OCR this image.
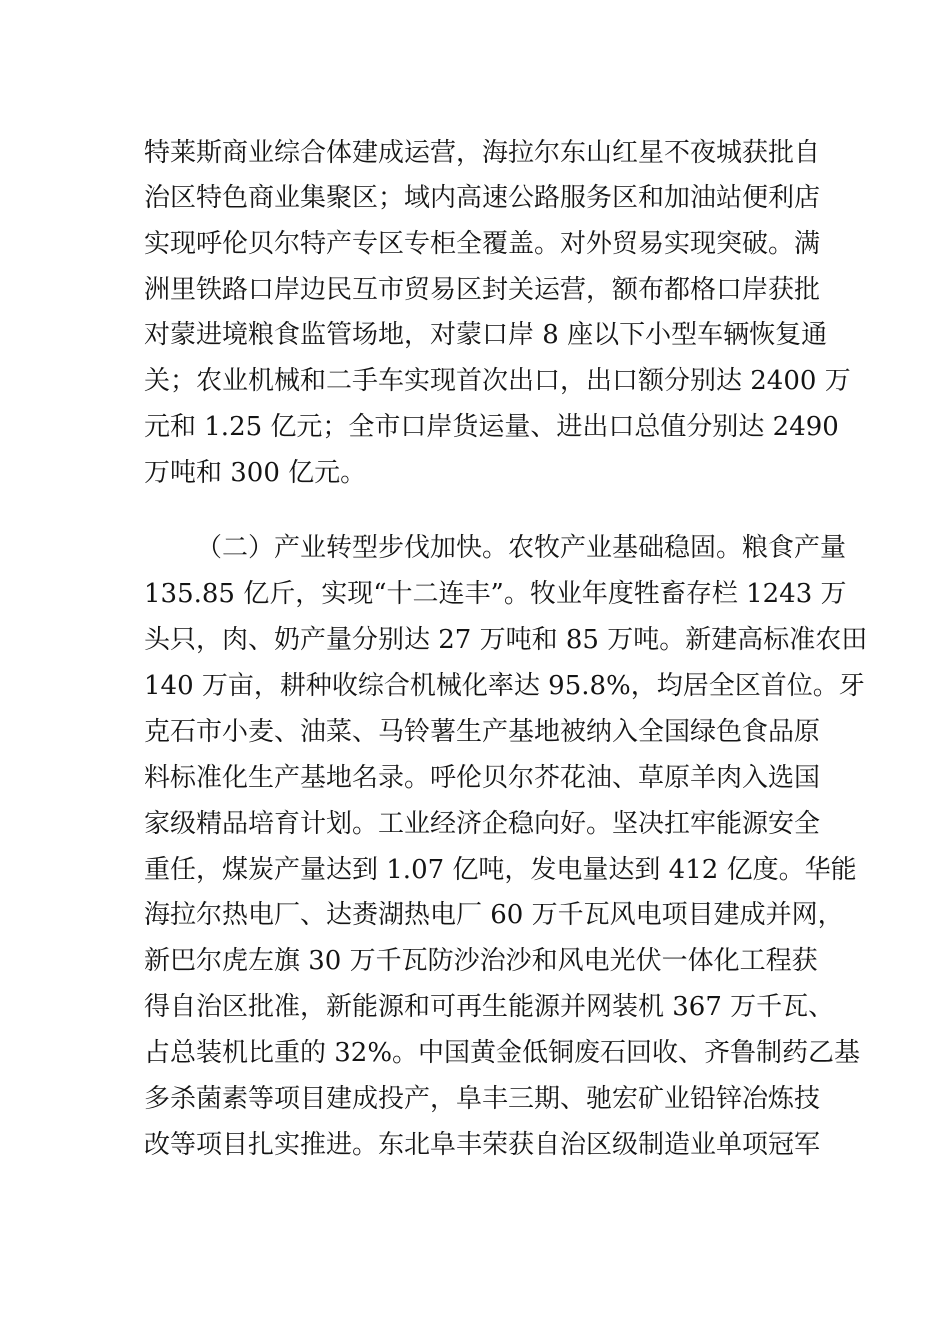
特莱斯商业综合体建成运营，海拉尔东山红星不夜城获批自
治区特色商业集聚区；域内高速公路服务区和加油站便利店
实现呼伦贝尔特产专区专柜全覆盖。对外贸易实现突破。满
洲里铁路口岸边民互市贸易区封关运营，额布都格口岸获批
对蒙进境粮食监管场地，对蒙口岸 8 座以下小型车辆恢复通
关；农业机械和二手车实现首次出口，出口额分别达 2400 万
元和 1.25 亿元；全市口岸货运量、进出口总值分别达 2490
万吨和 300 亿元。
（二）产业转型步伐加快。农牧产业基础稳固。粮食产量
135.85 亿斤，实现“十二连丰”。牧业年度牲畜存栏 1243 万
头只，肉、奶产量分别达 27 万吨和 85 万吨。新建高标准农田
140 万亩，耕种收综合机械化率达 95.8%，均居全区首位。牙
克石市小麦、油菜、马铃薯生产基地被纳入全国绿色食品原
料标准化生产基地名录。呼伦贝尔芥花油、草原羊肉入选国
家级精品培育计划。工业经济企稳向好。坚决扛牢能源安全
重任，煤炭产量达到 1.07 亿吨，发电量达到 412 亿度。华能
海拉尔热电厂、达赉湖热电厂 60 万千瓦风电项目建成并网，
新巴尔虎左旗 30 万千瓦防沙治沙和风电光伏一体化工程获
得自治区批准，新能源和可再生能源并网装机 367 万千瓦、
占总装机比重的 32%。中国黄金低铜废石回收、齐鲁制药乙基
多杀菌素等项目建成投产，阜丰三期、驰宏矿业铅锌冶炼技
改等项目扎实推进。东北阜丰荣获自治区级制造业单项冠军
